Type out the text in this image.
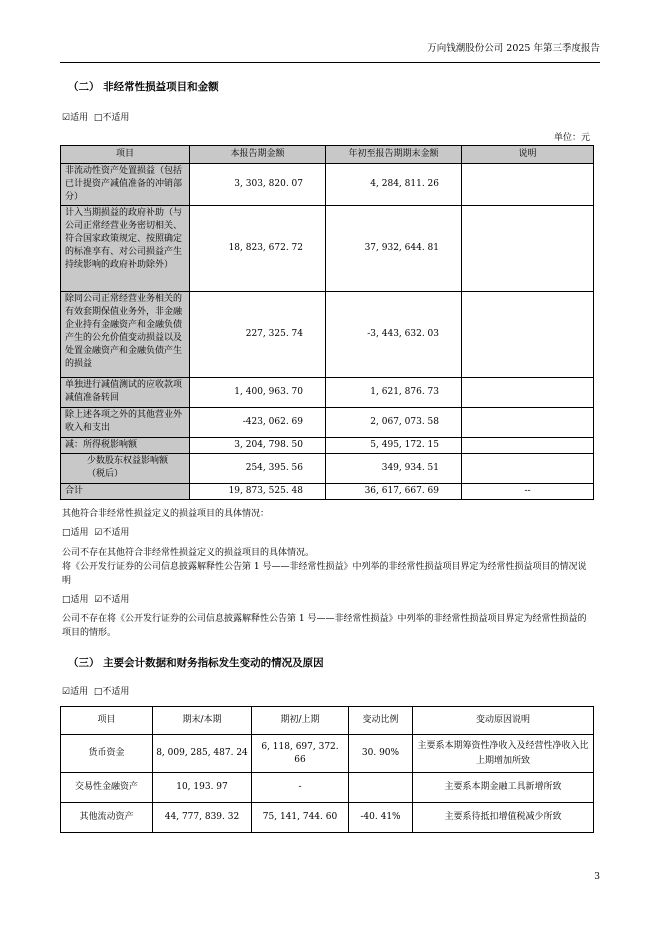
万向钱潮股份公司 2025 年第三季度报告
（二） 非经常性损益项目和金额
☑适用 □不适用
单位：元
项目	本报告期金额	年初至报告期期末金额	说明
非流动性资产处置损益（包括已计提资产减值准备的冲销部分）	3, 303, 820. 07	4, 284, 811. 26	
计入当期损益的政府补助（与公司正常经营业务密切相关、符合国家政策规定、按照确定的标准享有、对公司损益产生持续影响的政府补助除外）	18, 823, 672. 72	37, 932, 644. 81	
除同公司正常经营业务相关的有效套期保值业务外，非金融企业持有金融资产和金融负债产生的公允价值变动损益以及处置金融资产和金融负债产生的损益	227, 325. 74	-3, 443, 632. 03	
单独进行减值测试的应收款项减值准备转回	1, 400, 963. 70	1, 621, 876. 73	
除上述各项之外的其他营业外收入和支出	-423, 062. 69	2, 067, 073. 58	
减：所得税影响额	3, 204, 798. 50	5, 495, 172. 15	
少数股东权益影响额（税后）	254, 395. 56	349, 934. 51	
合计	19, 873, 525. 48	36, 617, 667. 69	--
其他符合非经常性损益定义的损益项目的具体情况：
□适用 ☑不适用
公司不存在其他符合非经常性损益定义的损益项目的具体情况。
将《公开发行证券的公司信息披露解释性公告第 1 号——非经常性损益》中列举的非经常性损益项目界定为经常性损益项目的情况说明
□适用 ☑不适用
公司不存在将《公开发行证券的公司信息披露解释性公告第 1 号——非经常性损益》中列举的非经常性损益项目界定为经常性损益的项目的情形。
（三） 主要会计数据和财务指标发生变动的情况及原因
☑适用 □不适用
项目	期末/本期	期初/上期	变动比例	变动原因说明
货币资金	8, 009, 285, 487. 24	6, 118, 697, 372. 66	30. 90%	主要系本期筹资性净收入及经营性净收入比上期增加所致
交易性金融资产	10, 193. 97	-		主要系本期金融工具新增所致
其他流动资产	44, 777, 839. 32	75, 141, 744. 60	-40. 41%	主要系待抵扣增值税减少所致
3
